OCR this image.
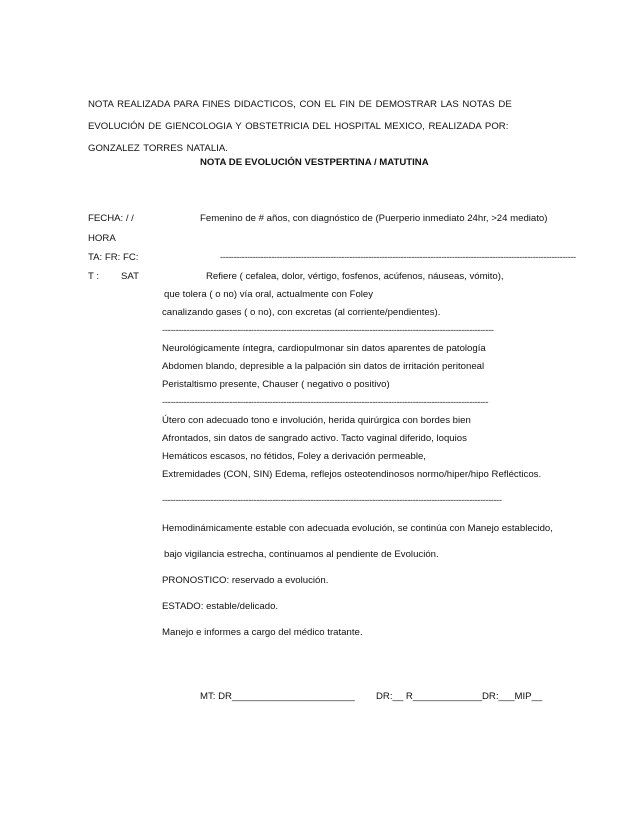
NOTA REALIZADA PARA FINES DIDACTICOS, CON EL FIN DE DEMOSTRAR LAS NOTAS DE EVOLUCIÓN DE GIENCOLOGIA Y OBSTETRICIA DEL HOSPITAL MEXICO, REALIZADA POR: GONZALEZ TORRES NATALIA.
NOTA DE EVOLUCIÓN VESTPERTINA / MATUTINA
FECHA: / /
HORA
TA: FR: FC:
T : SAT
Femenino de # años, con diagnóstico de (Puerperio inmediato 24hr, >24 mediato)
------------------------------------------------------------------------------------------------------------------------------------
Refiere ( cefalea, dolor, vértigo, fosfenos, acúfenos, náuseas, vómito),
que tolera ( o no) vía oral, actualmente con Foley
canalizando gases ( o no), con excretas (al corriente/pendientes).
---------------------------------------------------------------------------------------------------------------------------
Neurológicamente íntegra, cardiopulmonar sin datos aparentes de patología
Abdomen blando, depresible a la palpación sin datos de irritación peritoneal
Peristaltismo presente, Chauser ( negativo o positivo)
-------------------------------------------------------------------------------------------------------------------------
Útero con adecuado tono e involución, herida quirúrgica con bordes bien
Afrontados, sin datos de sangrado activo. Tacto vaginal diferido, loquios
Hemáticos escasos, no fétidos, Foley a derivación permeable,
Extremidades (CON, SIN) Edema, reflejos osteotendinosos normo/hiper/hipo Reflécticos.
------------------------------------------------------------------------------------------------------------------------------
Hemodinámicamente estable con adecuada evolución, se continúa con Manejo establecido,
bajo vigilancia estrecha, continuamos al pendiente de Evolución.
PRONOSTICO: reservado a evolución.
ESTADO: estable/delicado.
Manejo e informes a cargo del médico tratante.
MT: DR_______________________ DR:__ R_____________ DR:___MIP__
